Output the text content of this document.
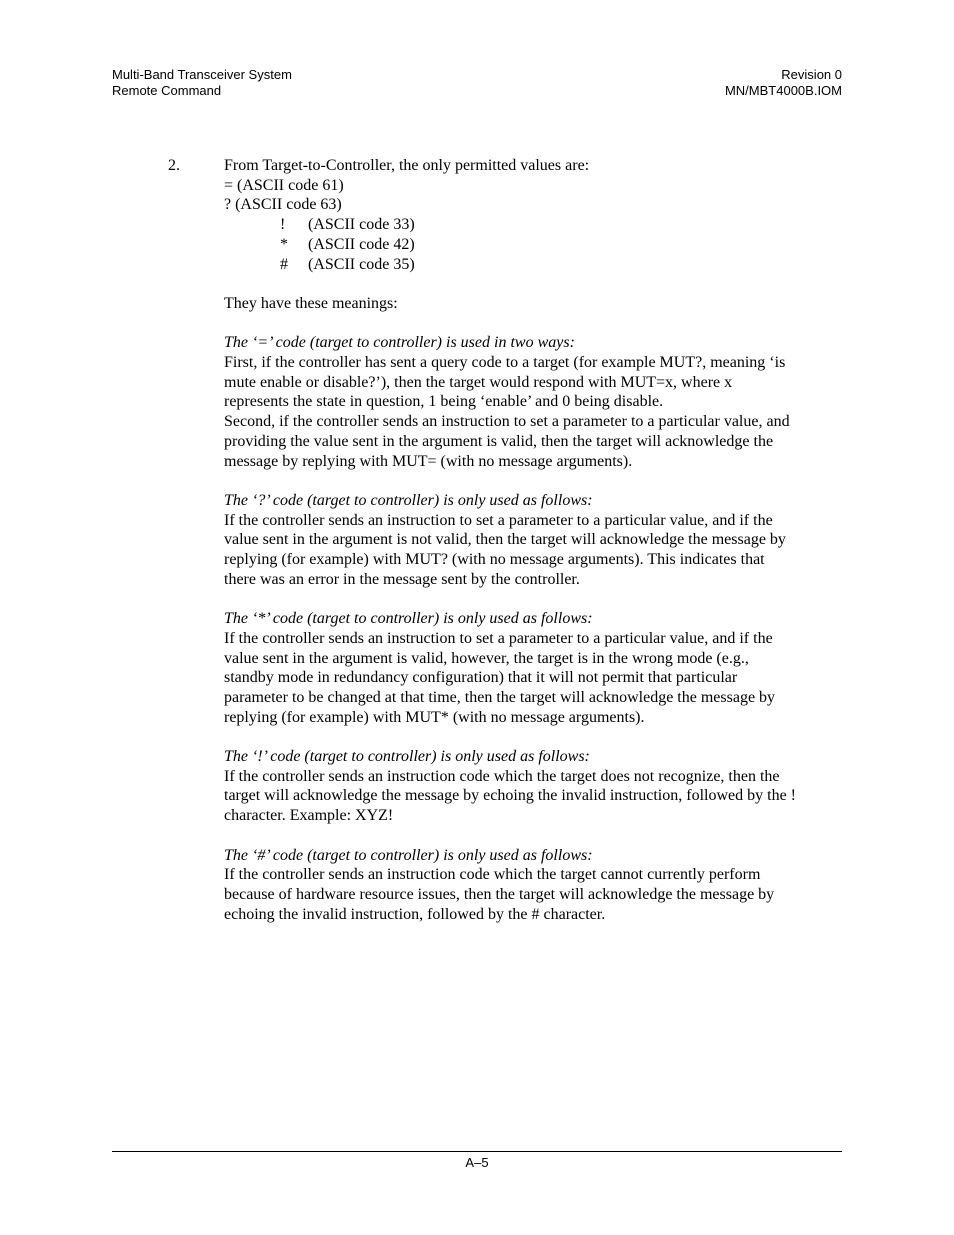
Multi-Band Transceiver System
Remote Command
Revision 0
MN/MBT4000B.IOM
2.	From Target-to-Controller, the only permitted values are:
= (ASCII code 61)
? (ASCII code 63)
! (ASCII code 33)
* (ASCII code 42)
# (ASCII code 35)
They have these meanings:
The ‘=’ code (target to controller) is used in two ways:
First, if the controller has sent a query code to a target (for example MUT?, meaning ‘is
mute enable or disable?’), then the target would respond with MUT=x, where x
represents the state in question, 1 being ‘enable’ and 0 being disable.
Second, if the controller sends an instruction to set a parameter to a particular value, and
providing the value sent in the argument is valid, then the target will acknowledge the
message by replying with MUT= (with no message arguments).
The ‘?’ code (target to controller) is only used as follows:
If the controller sends an instruction to set a parameter to a particular value, and if the
value sent in the argument is not valid, then the target will acknowledge the message by
replying (for example) with MUT? (with no message arguments). This indicates that
there was an error in the message sent by the controller.
The ‘*’ code (target to controller) is only used as follows:
If the controller sends an instruction to set a parameter to a particular value, and if the
value sent in the argument is valid, however, the target is in the wrong mode (e.g.,
standby mode in redundancy configuration) that it will not permit that particular
parameter to be changed at that time, then the target will acknowledge the message by
replying (for example) with MUT* (with no message arguments).
The ‘!’ code (target to controller) is only used as follows:
If the controller sends an instruction code which the target does not recognize, then the
target will acknowledge the message by echoing the invalid instruction, followed by the !
character. Example: XYZ!
The ‘#’ code (target to controller) is only used as follows:
If the controller sends an instruction code which the target cannot currently perform
because of hardware resource issues, then the target will acknowledge the message by
echoing the invalid instruction, followed by the # character.
A–5
